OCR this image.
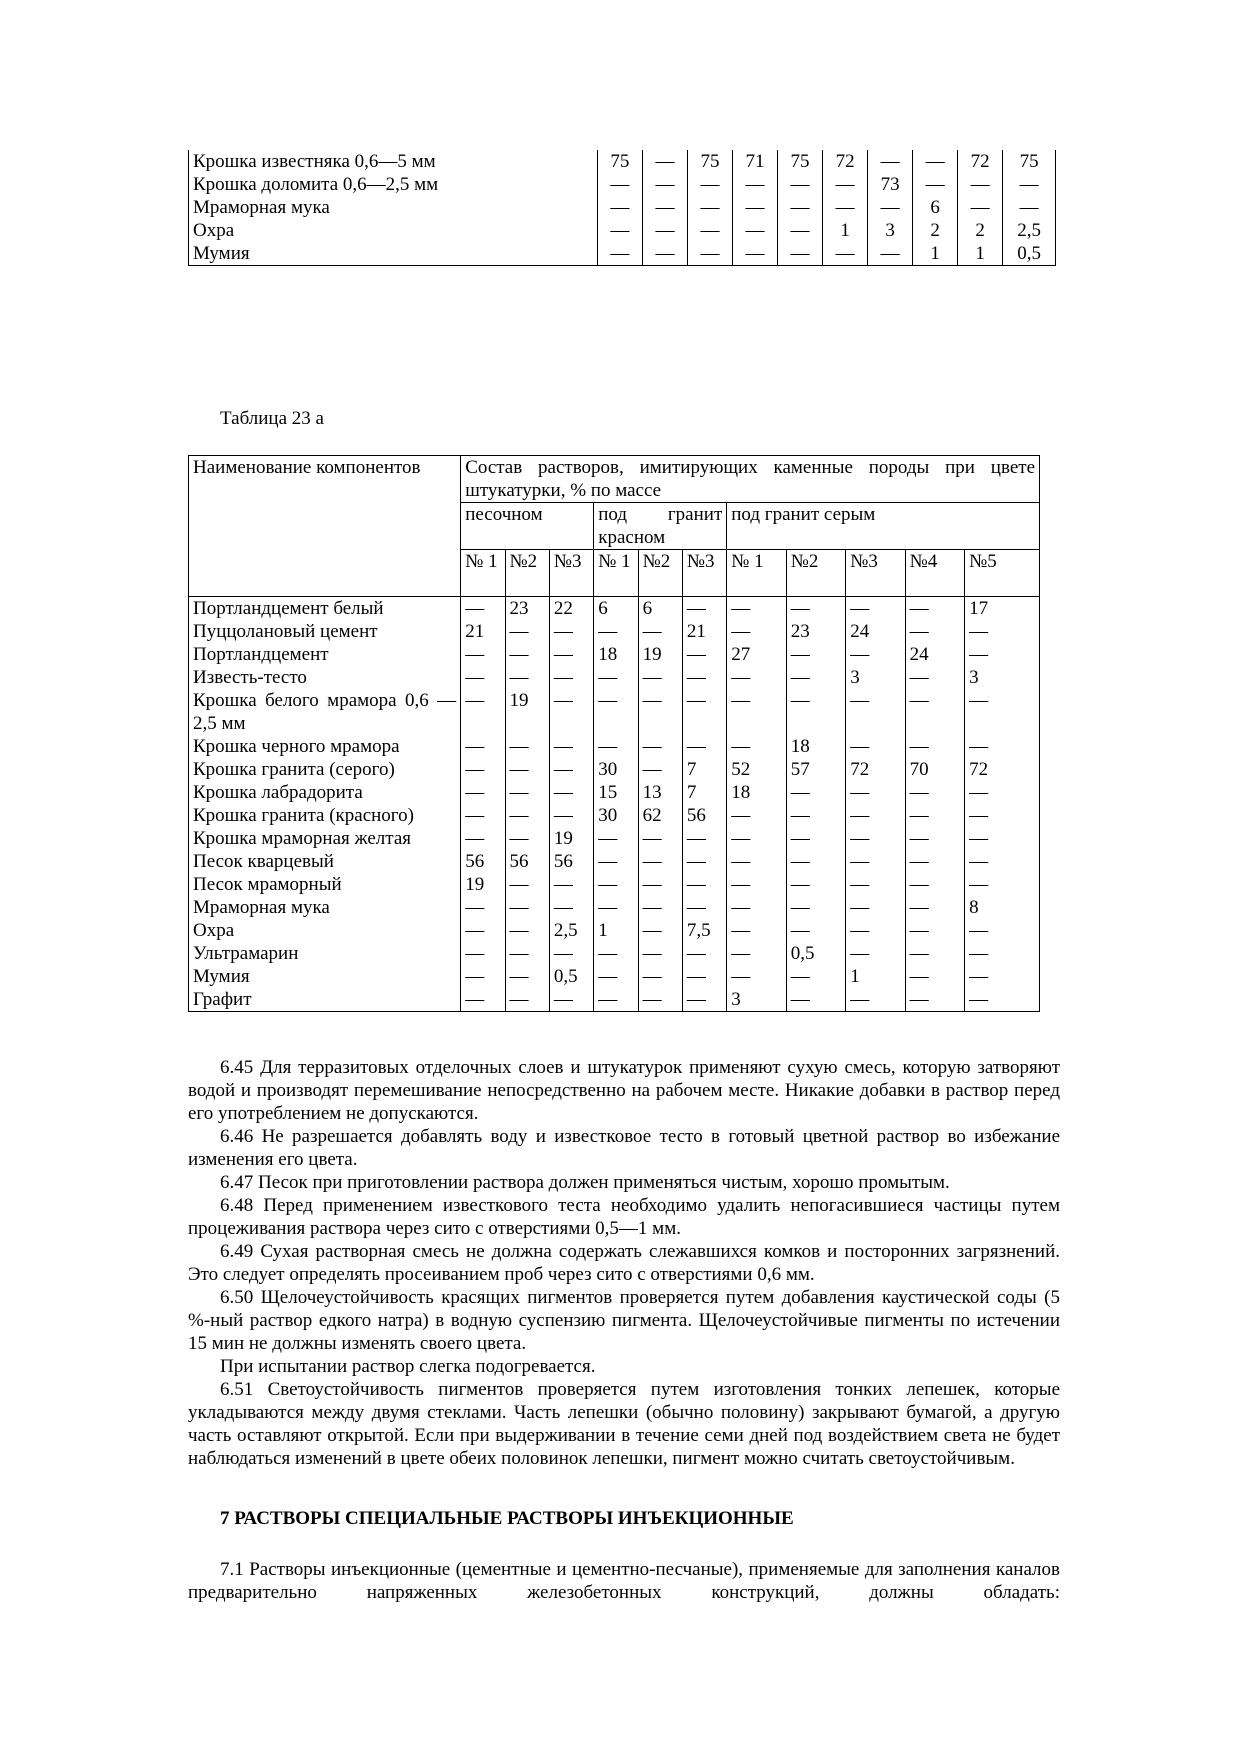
Крошка известняка 0,6—5 мм	75	—	75	71	75	72	—	—	72	75
Крошка доломита 0,6—2,5 мм	—	—	—	—	—	—	73	—	—	—
Мраморная мука	—	—	—	—	—	—	—	6	—	—
Охра	—	—	—	—	—	1	3	2	2	2,5
Мумия	—	—	—	—	—	—	—	1	1	0,5
Таблица 23 а
Наименование компонентов	Состав растворов, имитирующих каменные породы при цвете штукатурки, % по массе										
	песочном			под гранит красном			под гранит серым				
	№ 1	№2	№3	№ 1	№2	№3	№ 1	№2	№3	№4	№5
Портландцемент белый	—	23	22	6	6	—	—	—	—	—	17
Пуццолановый цемент	21	—	—	—	—	21	—	23	24	—	—
Портландцемент	—	—	—	18	19	—	27	—	—	24	—
Известь-тесто	—	—	—	—	—	—	—	—	3	—	3
Крошка белого мрамора 0,6 —2,5 мм	—	19	—	—	—	—	—	—	—	—	—
Крошка черного мрамора	—	—	—	—	—	—	—	18	—	—	—
Крошка гранита (серого)	—	—	—	30	—	7	52	57	72	70	72
Крошка лабрадорита	—	—	—	15	13	7	18	—	—	—	—
Крошка гранита (красного)	—	—	—	30	62	56	—	—	—	—	—
Крошка мраморная желтая	—	—	19	—	—	—	—	—	—	—	—
Песок кварцевый	56	56	56	—	—	—	—	—	—	—	—
Песок мраморный	19	—	—	—	—	—	—	—	—	—	—
Мраморная мука	—	—	—	—	—	—	—	—	—	—	8
Охра	—	—	2,5	1	—	7,5	—	—	—	—	—
Ультрамарин	—	—	—	—	—	—	—	0,5	—	—	—
Мумия	—	—	0,5	—	—	—	—	—	1	—	—
Графит	—	—	—	—	—	—	3	—	—	—	—

6.45 Для терразитовых отделочных слоев и штукатурок применяют сухую смесь, которую затворяют водой и производят перемешивание непосредственно на рабочем месте. Никакие добавки в раствор перед его употреблением не допускаются.

6.46 Не разрешается добавлять воду и известковое тесто в готовый цветной раствор во избежание изменения его цвета.

6.47 Песок при приготовлении раствора должен применяться чистым, хорошо промытым.

6.48 Перед применением известкового теста необходимо удалить непогасившиеся частицы путем процеживания раствора через сито с отверстиями 0,5—1 мм.

6.49 Сухая растворная смесь не должна содержать слежавшихся комков и посторонних загрязнений. Это следует определять просеиванием проб через сито с отверстиями 0,6 мм.

6.50 Щелочеустойчивость красящих пигментов проверяется путем добавления каустической соды (5 %-ный раствор едкого натра) в водную суспензию пигмента. Щелочеустойчивые пигменты по истечении 15 мин не должны изменять своего цвета.

При испытании раствор слегка подогревается.

6.51 Светоустойчивость пигментов проверяется путем изготовления тонких лепешек, которые укладываются между двумя стеклами. Часть лепешки (обычно половину) закрывают бумагой, а другую часть оставляют открытой. Если при выдерживании в течение семи дней под воздействием света не будет наблюдаться изменений в цвете обеих половинок лепешки, пигмент можно считать светоустойчивым.

7 РАСТВОРЫ СПЕЦИАЛЬНЫЕ РАСТВОРЫ ИНЪЕКЦИОННЫЕ

7.1 Растворы инъекционные (цементные и цементно-песчаные), применяемые для заполнения каналов предварительно напряженных железобетонных конструкций, должны обладать:
